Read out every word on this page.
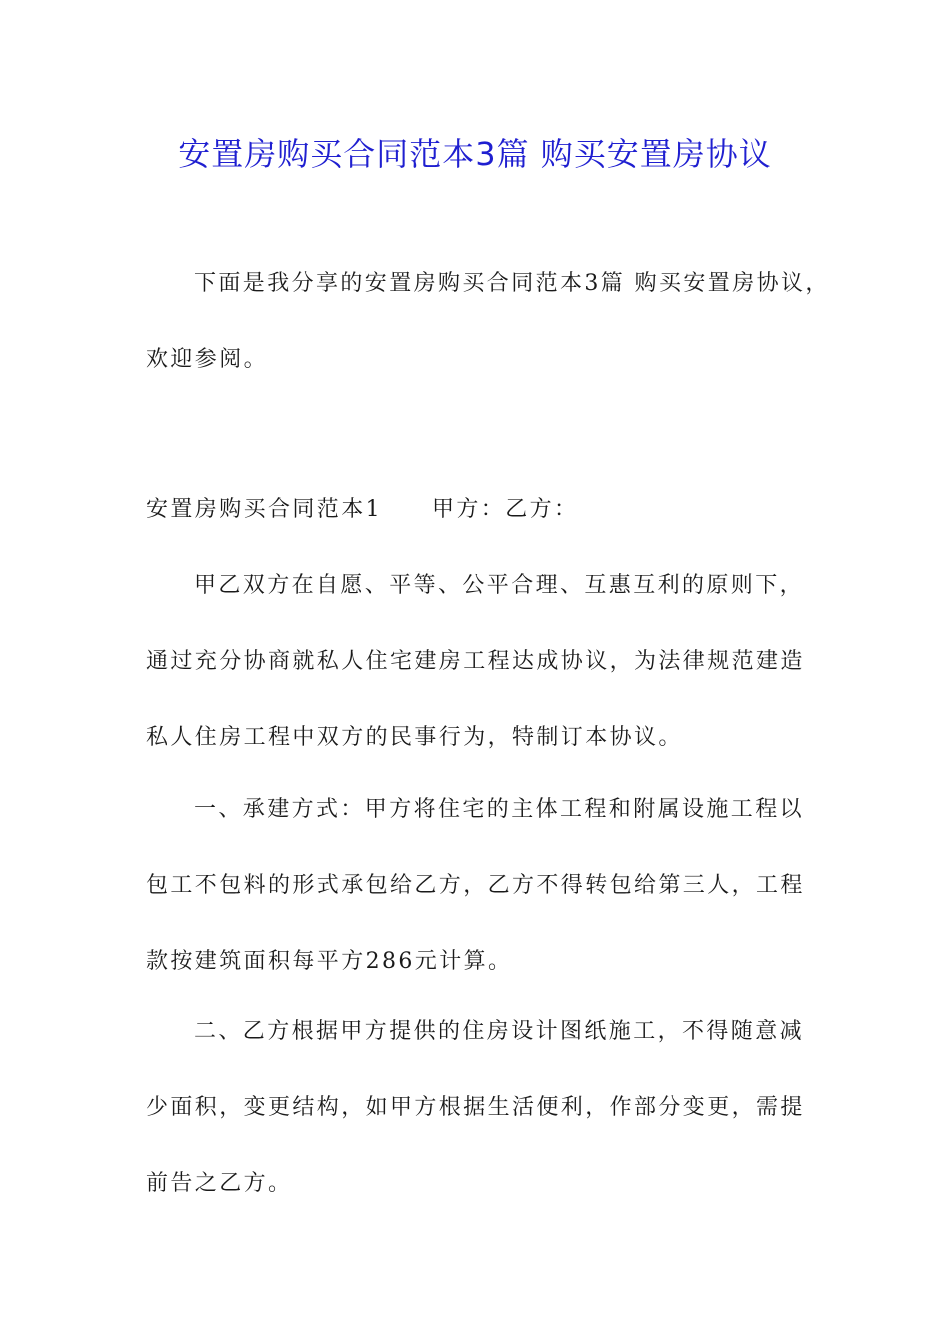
安置房购买合同范本3篇 购买安置房协议
下面是我分享的安置房购买合同范本3篇 购买安置房协议，
欢迎参阅。
安置房购买合同范本1 甲方：乙方：
甲乙双方在自愿、平等、公平合理、互惠互利的原则下，
通过充分协商就私人住宅建房工程达成协议，为法律规范建造
私人住房工程中双方的民事行为，特制订本协议。
一、承建方式：甲方将住宅的主体工程和附属设施工程以
包工不包料的形式承包给乙方，乙方不得转包给第三人，工程
款按建筑面积每平方286元计算。
二、乙方根据甲方提供的住房设计图纸施工，不得随意减
少面积，变更结构，如甲方根据生活便利，作部分变更，需提
前告之乙方。
